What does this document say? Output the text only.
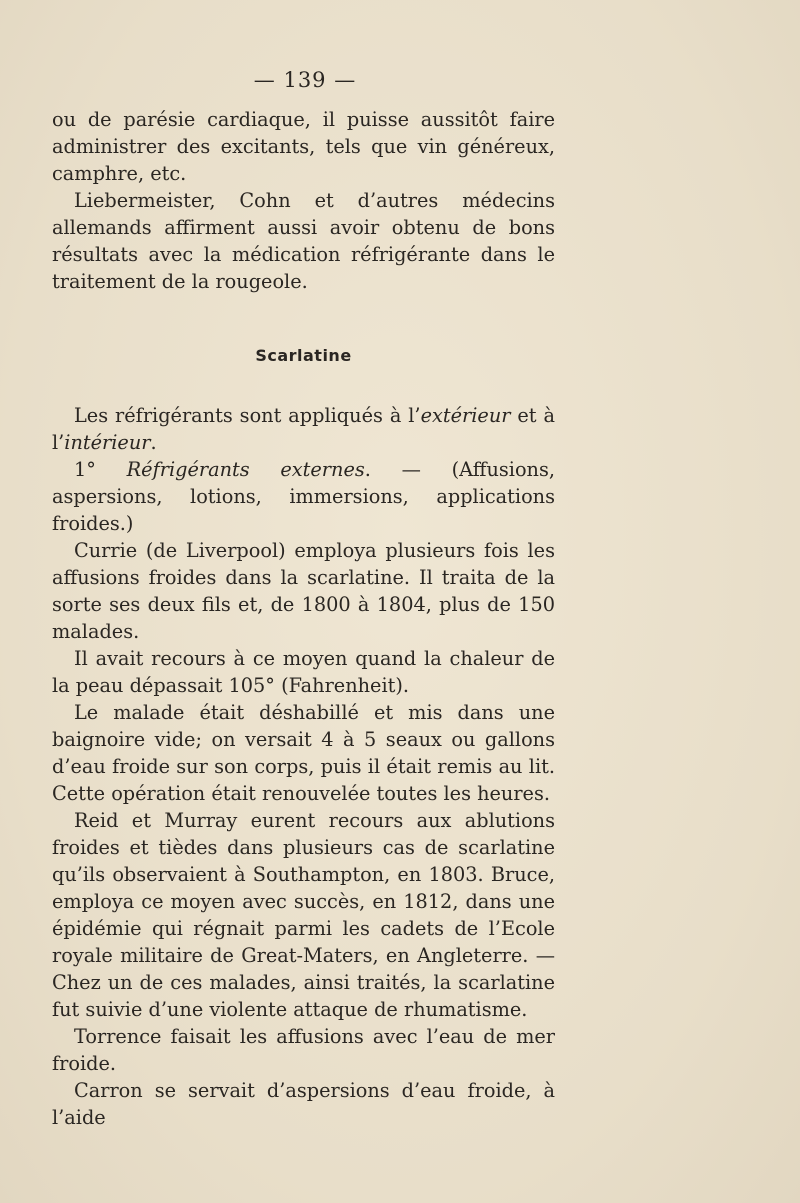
— 139 —

ou de parésie cardiaque, il puisse aussitôt faire administrer des excitants, tels que vin généreux, camphre, etc.

Liebermeister, Cohn et d’autres médecins allemands affirment aussi avoir obtenu de bons résultats avec la médication réfrigérante dans le traitement de la rougeole.

Scarlatine

Les réfrigérants sont appliqués à l’extérieur et à l’intérieur.

1° Réfrigérants externes. — (Affusions, aspersions, lotions, immersions, applications froides.)

Currie (de Liverpool) employa plusieurs fois les affusions froides dans la scarlatine. Il traita de la sorte ses deux fils et, de 1800 à 1804, plus de 150 malades.

Il avait recours à ce moyen quand la chaleur de la peau dépassait 105° (Fahrenheit).

Le malade était déshabillé et mis dans une baignoire vide; on versait 4 à 5 seaux ou gallons d’eau froide sur son corps, puis il était remis au lit. Cette opération était renouvelée toutes les heures.

Reid et Murray eurent recours aux ablutions froides et tièdes dans plusieurs cas de scarlatine qu’ils observaient à Southampton, en 1803. Bruce, employa ce moyen avec succès, en 1812, dans une épidémie qui régnait parmi les cadets de l’Ecole royale militaire de Great-Maters, en Angleterre. — Chez un de ces malades, ainsi traités, la scarlatine fut suivie d’une violente attaque de rhumatisme.

Torrence faisait les affusions avec l’eau de mer froide.

Carron se servait d’aspersions d’eau froide, à l’aide
